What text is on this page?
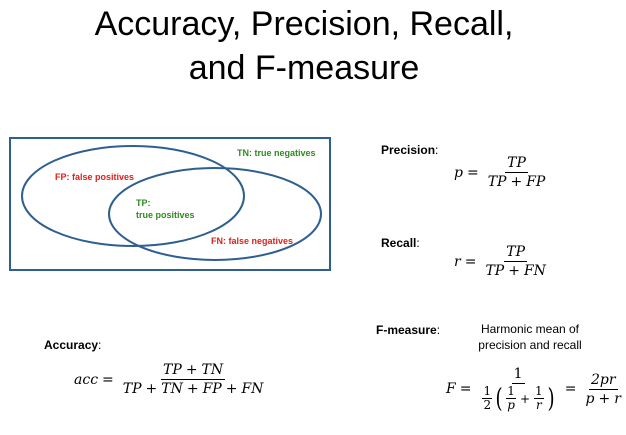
Accuracy, Precision, Recall,
and F-measure
FP: false positives
TP:
true positives
TN: true negatives
FN: false negatives
Precision:
$p = \frac{TP}{TP + FP}$
Recall:
$r = \frac{TP}{TP + FN}$
Accuracy:
acc = $\frac{TP + TN}{TP + TN + FP + FN}$
F-measure:	Harmonic mean of
precision and recall
F =
1
$\frac{1}{2}$ ( $\frac{1}{p} + \frac{1}{r}$ ) = $\frac{2pr}{p + r}$
